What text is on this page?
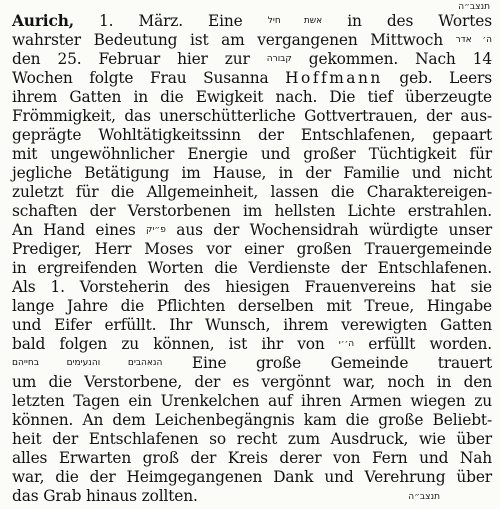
תנצב״ה
Aurich, 1. März. Eine אשת חיל in des Wortes
wahrster Bedeutung ist am vergangenen Mittwoch ה׳ אדר
den 25. Februar hier zur קבורה gekommen. Nach 14
Wochen folgte Frau Susanna Hoffmann geb. Leers
ihrem Gatten in die Ewigkeit nach. Die tief überzeugte
Frömmigkeit, das unerschütterliche Gottvertrauen, der aus-
geprägte Wohltätigkeitssinn der Entschlafenen, gepaart
mit ungewöhnlicher Energie und großer Tüchtigkeit für
jegliche Betätigung im Hause, in der Familie und nicht
zuletzt für die Allgemeinheit, lassen die Charaktereigen-
schaften der Verstorbenen im hellsten Lichte erstrahlen.
An Hand eines פ״יק aus der Wochensidrah würdigte unser
Prediger, Herr Moses vor einer großen Trauergemeinde
in ergreifenden Worten die Verdienste der Entschlafenen.
Als 1. Vorsteherin des hiesigen Frauenvereins hat sie
lange Jahre die Pflichten derselben mit Treue, Hingabe
und Eifer erfüllt. Ihr Wunsch, ihrem verewigten Gatten
bald folgen zu können, ist ihr von ה׳׳י erfüllt worden.
הנאהבים והנעימים בחייהם Eine große Gemeinde trauert
um die Verstorbene, der es vergönnt war, noch in den
letzten Tagen ein Urenkelchen auf ihren Armen wiegen zu
können. An dem Leichenbegängnis kam die große Beliebt-
heit der Entschlafenen so recht zum Ausdruck, wie über
alles Erwarten groß der Kreis derer von Fern und Nah
war, die der Heimgegangenen Dank und Verehrung über
das Grab hinaus zollten.	תנצב״ה
